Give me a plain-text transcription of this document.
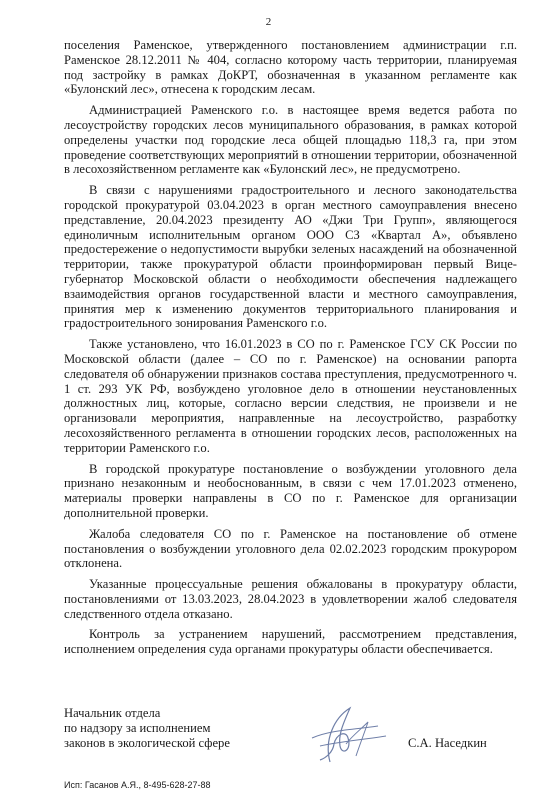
2

поселения Раменское, утвержденного постановлением администрации г.п. Раменское 28.12.2011 № 404, согласно которому часть территории, планируемая под застройку в рамках ДоКРТ, обозначенная в указанном регламенте как «Булонский лес», отнесена к городским лесам.

Администрацией Раменского г.о. в настоящее время ведется работа по лесоустройству городских лесов муниципального образования, в рамках которой определены участки под городские леса общей площадью 118,3 га, при этом проведение соответствующих мероприятий в отношении территории, обозначенной в лесохозяйственном регламенте как «Булонский лес», не предусмотрено.

В связи с нарушениями градостроительного и лесного законодательства городской прокуратурой 03.04.2023 в орган местного самоуправления внесено представление, 20.04.2023 президенту АО «Джи Три Групп», являющегося единоличным исполнительным органом ООО СЗ «Квартал А», объявлено предостережение о недопустимости вырубки зеленых насаждений на обозначенной территории, также прокуратурой области проинформирован первый Вице-губернатор Московской области о необходимости обеспечения надлежащего взаимодействия органов государственной власти и местного самоуправления, принятия мер к изменению документов территориального планирования и градостроительного зонирования Раменского г.о.

Также установлено, что 16.01.2023 в СО по г. Раменское ГСУ СК России по Московской области (далее – СО по г. Раменское) на основании рапорта следователя об обнаружении признаков состава преступления, предусмотренного ч. 1 ст. 293 УК РФ, возбуждено уголовное дело в отношении неустановленных должностных лиц, которые, согласно версии следствия, не произвели и не организовали мероприятия, направленные на лесоустройство, разработку лесохозяйственного регламента в отношении городских лесов, расположенных на территории Раменского г.о.

В городской прокуратуре постановление о возбуждении уголовного дела признано незаконным и необоснованным, в связи с чем 17.01.2023 отменено, материалы проверки направлены в СО по г. Раменское для организации дополнительной проверки.

Жалоба следователя СО по г. Раменское на постановление об отмене постановления о возбуждении уголовного дела 02.02.2023 городским прокурором отклонена.

Указанные процессуальные решения обжалованы в прокуратуру области, постановлениями от 13.03.2023, 28.04.2023 в удовлетворении жалоб следователя следственного отдела отказано.

Контроль за устранением нарушений, рассмотрением представления, исполнением определения суда органами прокуратуры области обеспечивается.

Начальник отдела
по надзору за исполнением
законов в экологической сфере	С.А. Наседкин
Исп: Гасанов А.Я., 8-495-628-27-88
